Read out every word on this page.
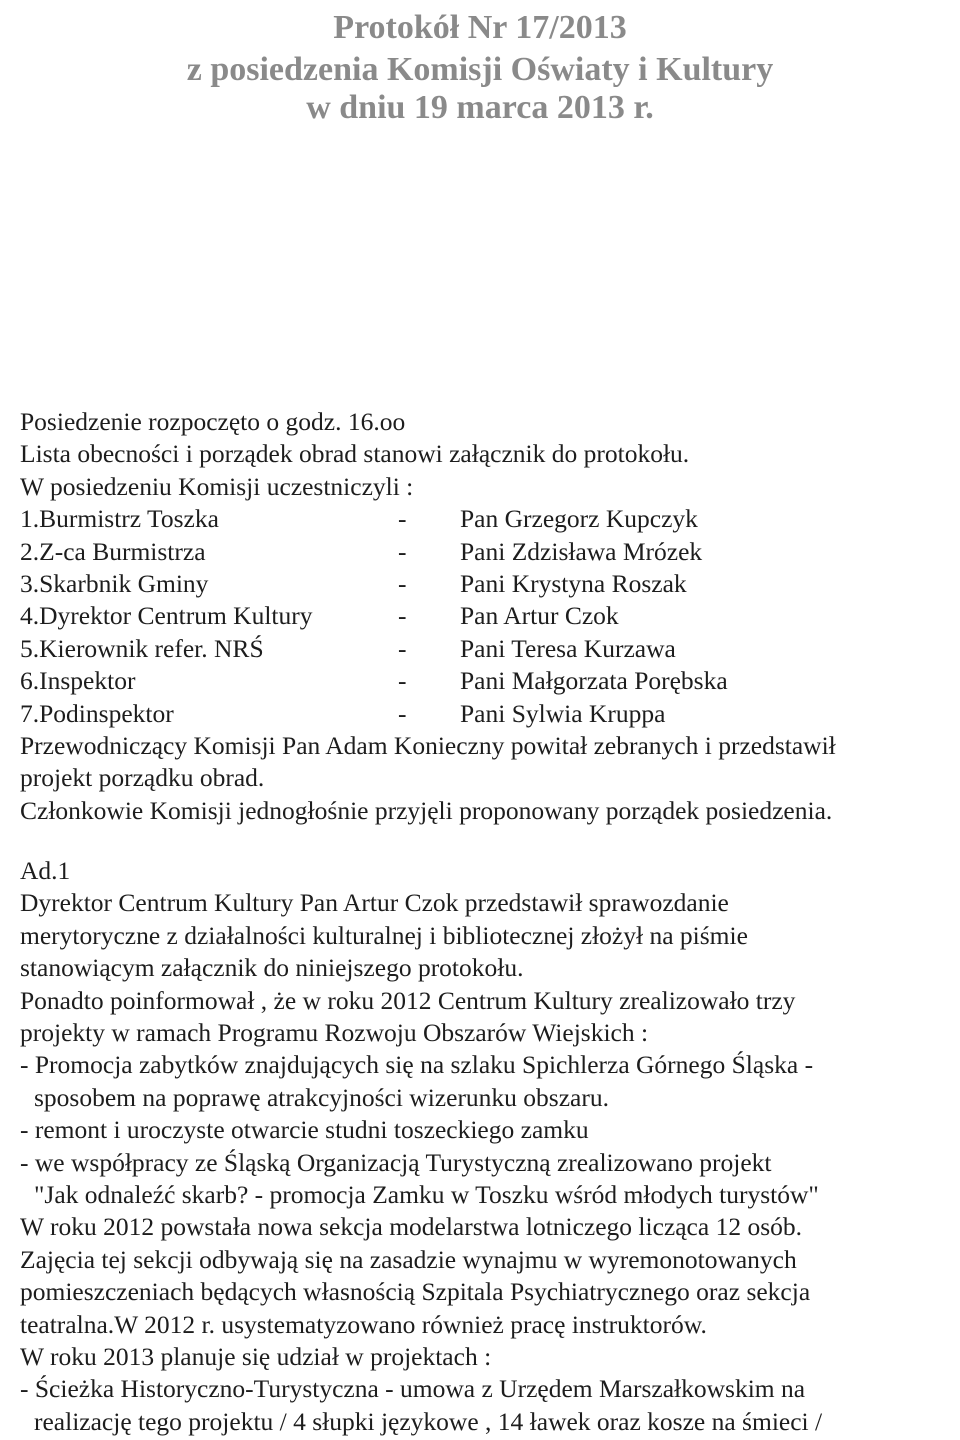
Protokół Nr 17/2013
z posiedzenia Komisji Oświaty i Kultury
w dniu 19 marca 2013 r.
Posiedzenie rozpoczęto o godz. 16.oo
Lista obecności i porządek obrad stanowi załącznik do protokołu.
W posiedzeniu Komisji uczestniczyli :
1.Burmistrz Toszka	- Pan Grzegorz Kupczyk
2.Z-ca Burmistrza	- Pani Zdzisława Mrózek
3.Skarbnik Gminy	- Pani Krystyna Roszak
4.Dyrektor Centrum Kultury	- Pan Artur Czok
5.Kierownik refer. NRŚ	- Pani Teresa Kurzawa
6.Inspektor	- Pani Małgorzata Porębska
7.Podinspektor	- Pani Sylwia Kruppa
Przewodniczący Komisji Pan Adam Konieczny powitał zebranych i przedstawił
projekt porządku obrad.
Członkowie Komisji jednogłośnie przyjęli proponowany porządek posiedzenia.
Ad.1
Dyrektor Centrum Kultury Pan Artur Czok przedstawił sprawozdanie
merytoryczne z działalności kulturalnej i bibliotecznej złożył na piśmie
stanowiącym załącznik do niniejszego protokołu.
Ponadto poinformował , że w roku 2012 Centrum Kultury zrealizowało trzy
projekty w ramach Programu Rozwoju Obszarów Wiejskich :
- Promocja zabytków znajdujących się na szlaku Spichlerza Górnego Śląska -
sposobem na poprawę atrakcyjności wizerunku obszaru.
- remont i uroczyste otwarcie studni toszeckiego zamku
- we współpracy ze Śląską Organizacją Turystyczną zrealizowano projekt
"Jak odnaleźć skarb? - promocja Zamku w Toszku wśród młodych turystów"
W roku 2012 powstała nowa sekcja modelarstwa lotniczego licząca 12 osób.
Zajęcia tej sekcji odbywają się na zasadzie wynajmu w wyremonotowanych
pomieszczeniach będących własnością Szpitala Psychiatrycznego oraz sekcja
teatralna.W 2012 r. usystematyzowano również pracę instruktorów.
W roku 2013 planuje się udział w projektach :
- Ścieżka Historyczno-Turystyczna - umowa z Urzędem Marszałkowskim na
realizację tego projektu / 4 słupki językowe , 14 ławek oraz kosze na śmieci /
